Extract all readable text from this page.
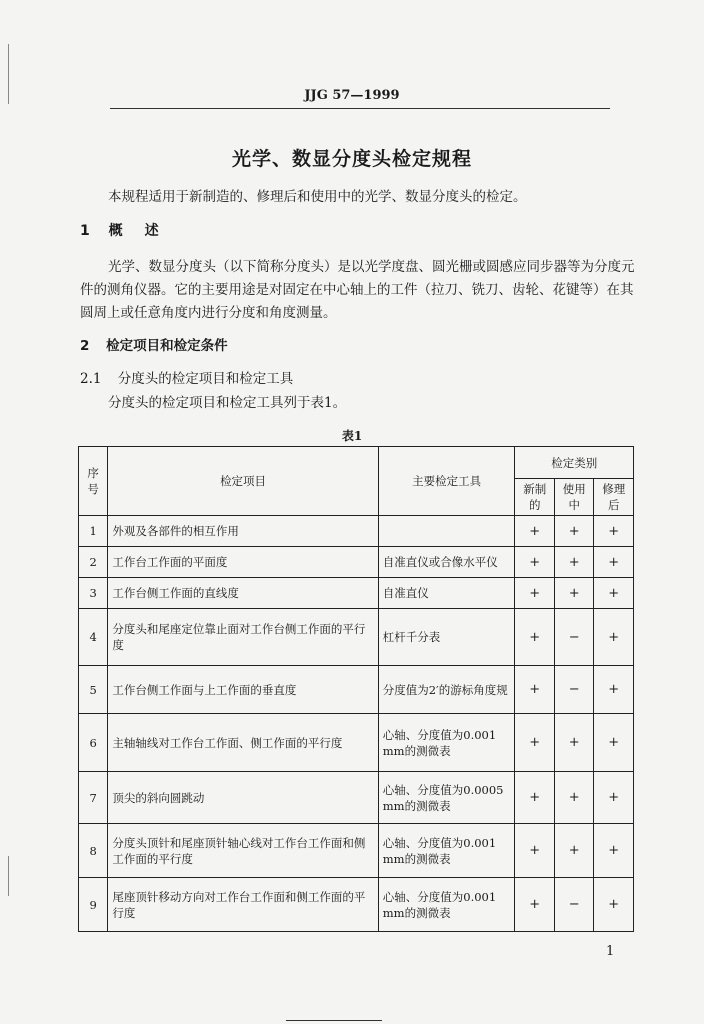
JJG 57—1999
光学、数显分度头检定规程
本规程适用于新制造的、修理后和使用中的光学、数显分度头的检定。
1 概述
光学、数显分度头（以下简称分度头）是以光学度盘、圆光栅或圆感应同步器等为分度元件的测角仪器。它的主要用途是对固定在中心轴上的工件（拉刀、铣刀、齿轮、花键等）在其圆周上或任意角度内进行分度和角度测量。
2 检定项目和检定条件
2.1 分度头的检定项目和检定工具
分度头的检定项目和检定工具列于表1。
表1
序号	检定项目	主要检定工具	检定类别		
			新制的	使用中	修理后
1	外观及各部件的相互作用		+	+	+
2	工作台工作面的平面度	自准直仪或合像水平仪	+	+	+
3	工作台侧工作面的直线度	自准直仪	+	+	+
4	分度头和尾座定位靠止面对工作台侧工作面的平行度	杠杆千分表	+	−	+
5	工作台侧工作面与上工作面的垂直度	分度值为2′的游标角度规	+	−	+
6	主轴轴线对工作台工作面、侧工作面的平行度	心轴、分度值为0.001 mm的测微表	+	+	+
7	顶尖的斜向圆跳动	心轴、分度值为0.0005 mm的测微表	+	+	+
8	分度头顶针和尾座顶针轴心线对工作台工作面和侧工作面的平行度	心轴、分度值为0.001 mm的测微表	+	+	+
9	尾座顶针移动方向对工作台工作面和侧工作面的平行度	心轴、分度值为0.001 mm的测微表	+	−	+
1
